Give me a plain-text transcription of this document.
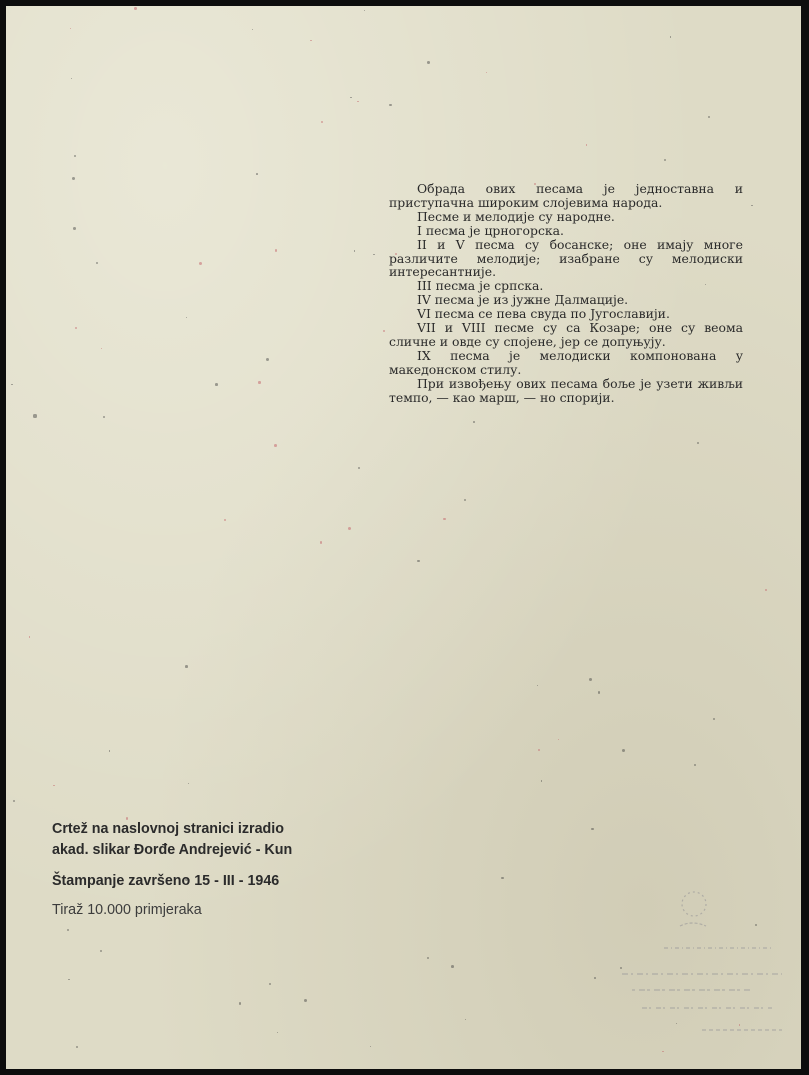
Обрада ових песама је једноставна и приступачна широким слојевима народа.

Песме и мелодије су народне.

I песма је црногорска.

II и V песма су босанске; оне имају многе различите мелодије; изабране су мелодиски интересантније.

III песма је српска.

IV песма је из јужне Далмације.

VI песма се пева свуда по Југославији.

VII и VIII песме су са Козаре; оне су веома сличне и овде су спојене, јер се допуњују.

IX песма је мелодиски компонована у македонском стилу.

При извођењу ових песама боље је узети живљи темпо, — као марш, — но спорији.

Crtež na naslovnoj stranici izradio
akad. slikar Đorđe Andrejević - Kun
Štampanje završeno 15 - III - 1946
Tiraž 10.000 primjeraka
